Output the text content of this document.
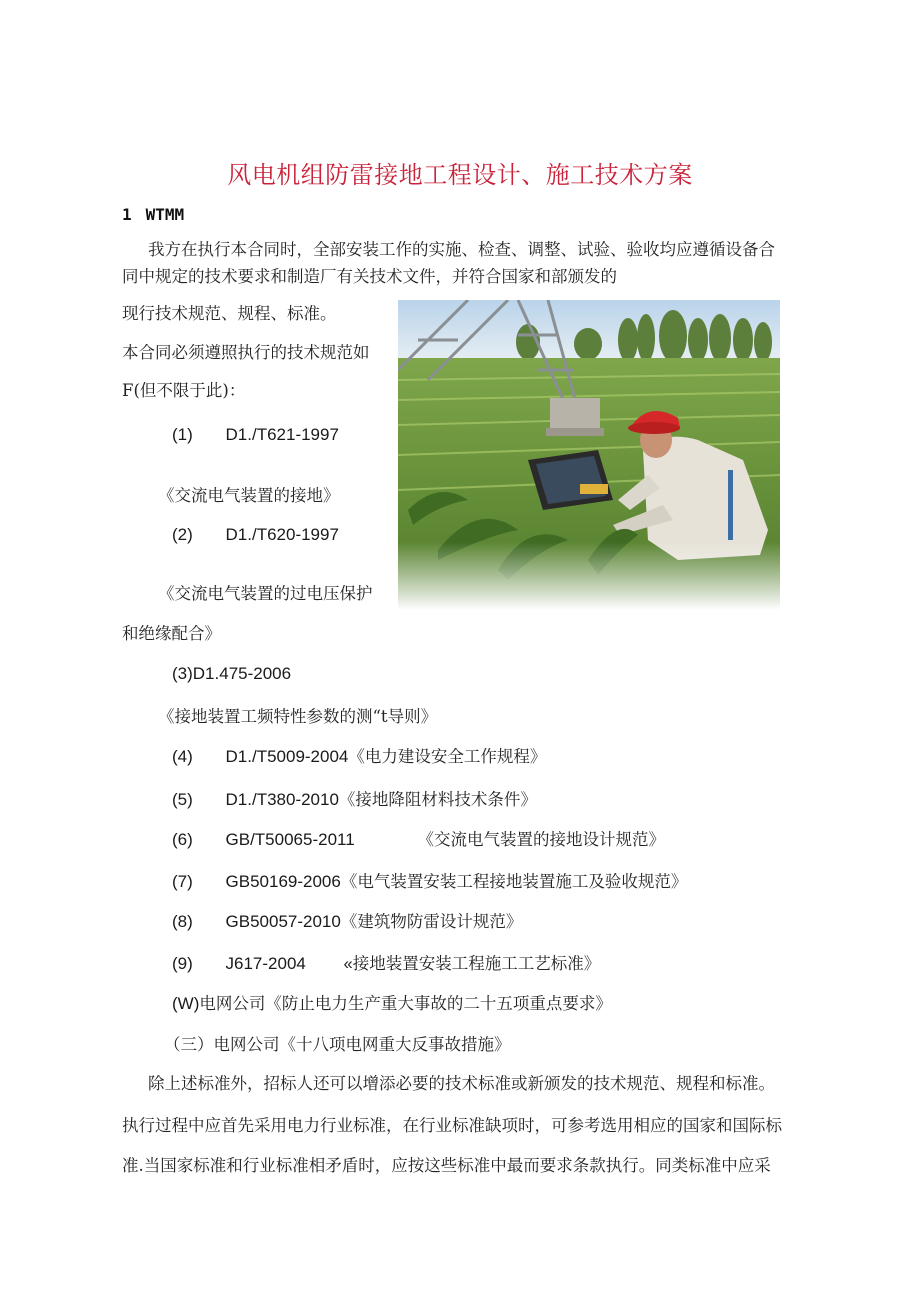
风电机组防雷接地工程设计、施工技术方案
1 WTMM
我方在执行本合同时，全部安装工作的实施、检查、调整、试验、验收均应遵循设备合
同中规定的技术要求和制造厂有关技术文件，并符合国家和部颁发的
现行技术规范、规程、标准。
本合同必须遵照执行的技术规范如
F(但不限于此)：
(1) D1./T621-1997
《交流电气装置的接地》
(2) D1./T620-1997
《交流电气装置的过电压保护
和绝缘配合》
(3)D1.475-2006
《接地装置工频特性参数的测“t导则》
(4) D1./T5009-2004《电力建设安全工作规程》
(5) D1./T380-2010《接地降阻材料技术条件》
(6) GB/T50065-2011	《交流电气装置的接地设计规范》
(7) GB50169-2006《电气装置安装工程接地装置施工及验收规范》
(8) GB50057-2010《建筑物防雷设计规范》
(9) J617-2004 «接地装置安装工程施工工艺标准》
(W)电网公司《防止电力生产重大事故的二十五项重点要求》
（三）电网公司《十八项电网重大反事故措施》
除上述标准外，招标人还可以增添必要的技术标准或新颁发的技术规范、规程和标准。
执行过程中应首先采用电力行业标准，在行业标准缺项时，可参考选用相应的国家和国际标
准.当国家标准和行业标准相矛盾时，应按这些标准中最而要求条款执行。同类标准中应采
